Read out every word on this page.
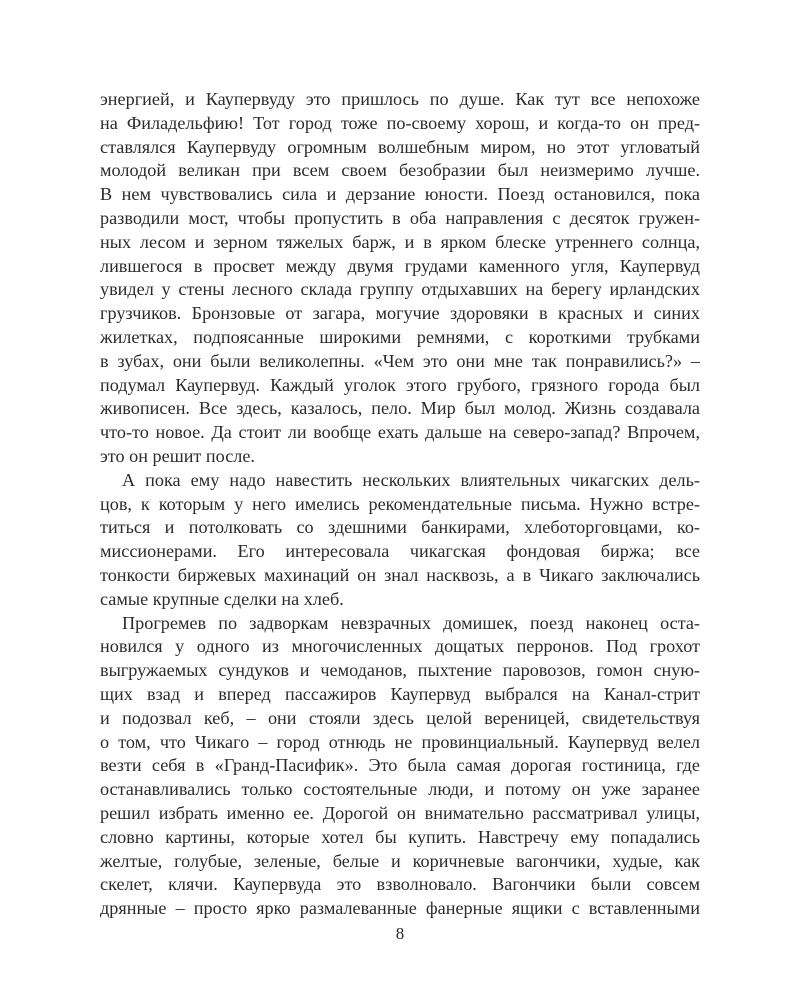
энергией, и Каупервуду это пришлось по душе. Как тут все непохоже
на Филадельфию! Тот город тоже по-своему хорош, и когда-то он пред-
ставлялся Каупервуду огромным волшебным миром, но этот угловатый
молодой великан при всем своем безобразии был неизмеримо лучше.
В нем чувствовались сила и дерзание юности. Поезд остановился, пока
разводили мост, чтобы пропустить в оба направления с десяток гружен-
ных лесом и зерном тяжелых барж, и в ярком блеске утреннего солнца,
лившегося в просвет между двумя грудами каменного угля, Каупервуд
увидел у стены лесного склада группу отдыхавших на берегу ирландских
грузчиков. Бронзовые от загара, могучие здоровяки в красных и синих
жилетках, подпоясанные широкими ремнями, с короткими трубками
в зубах, они были великолепны. «Чем это они мне так понравились?» –
подумал Каупервуд. Каждый уголок этого грубого, грязного города был
живописен. Все здесь, казалось, пело. Мир был молод. Жизнь создавала
что-то новое. Да стоит ли вообще ехать дальше на северо-запад? Впрочем,
это он решит после.
А пока ему надо навестить нескольких влиятельных чикагских дель-
цов, к которым у него имелись рекомендательные письма. Нужно встре-
титься и потолковать со здешними банкирами, хлеботорговцами, ко-
миссионерами. Его интересовала чикагская фондовая биржа; все
тонкости биржевых махинаций он знал насквозь, а в Чикаго заключались
самые крупные сделки на хлеб.
Прогремев по задворкам невзрачных домишек, поезд наконец оста-
новился у одного из многочисленных дощатых перронов. Под грохот
выгружаемых сундуков и чемоданов, пыхтение паровозов, гомон сную-
щих взад и вперед пассажиров Каупервуд выбрался на Канал-стрит
и подозвал кеб, – они стояли здесь целой вереницей, свидетельствуя
о том, что Чикаго – город отнюдь не провинциальный. Каупервуд велел
везти себя в «Гранд-Пасифик». Это была самая дорогая гостиница, где
останавливались только состоятельные люди, и потому он уже заранее
решил избрать именно ее. Дорогой он внимательно рассматривал улицы,
словно картины, которые хотел бы купить. Навстречу ему попадались
желтые, голубые, зеленые, белые и коричневые вагончики, худые, как
скелет, клячи. Каупервуда это взволновало. Вагончики были совсем
дрянные – просто ярко размалеванные фанерные ящики с вставленными
8
